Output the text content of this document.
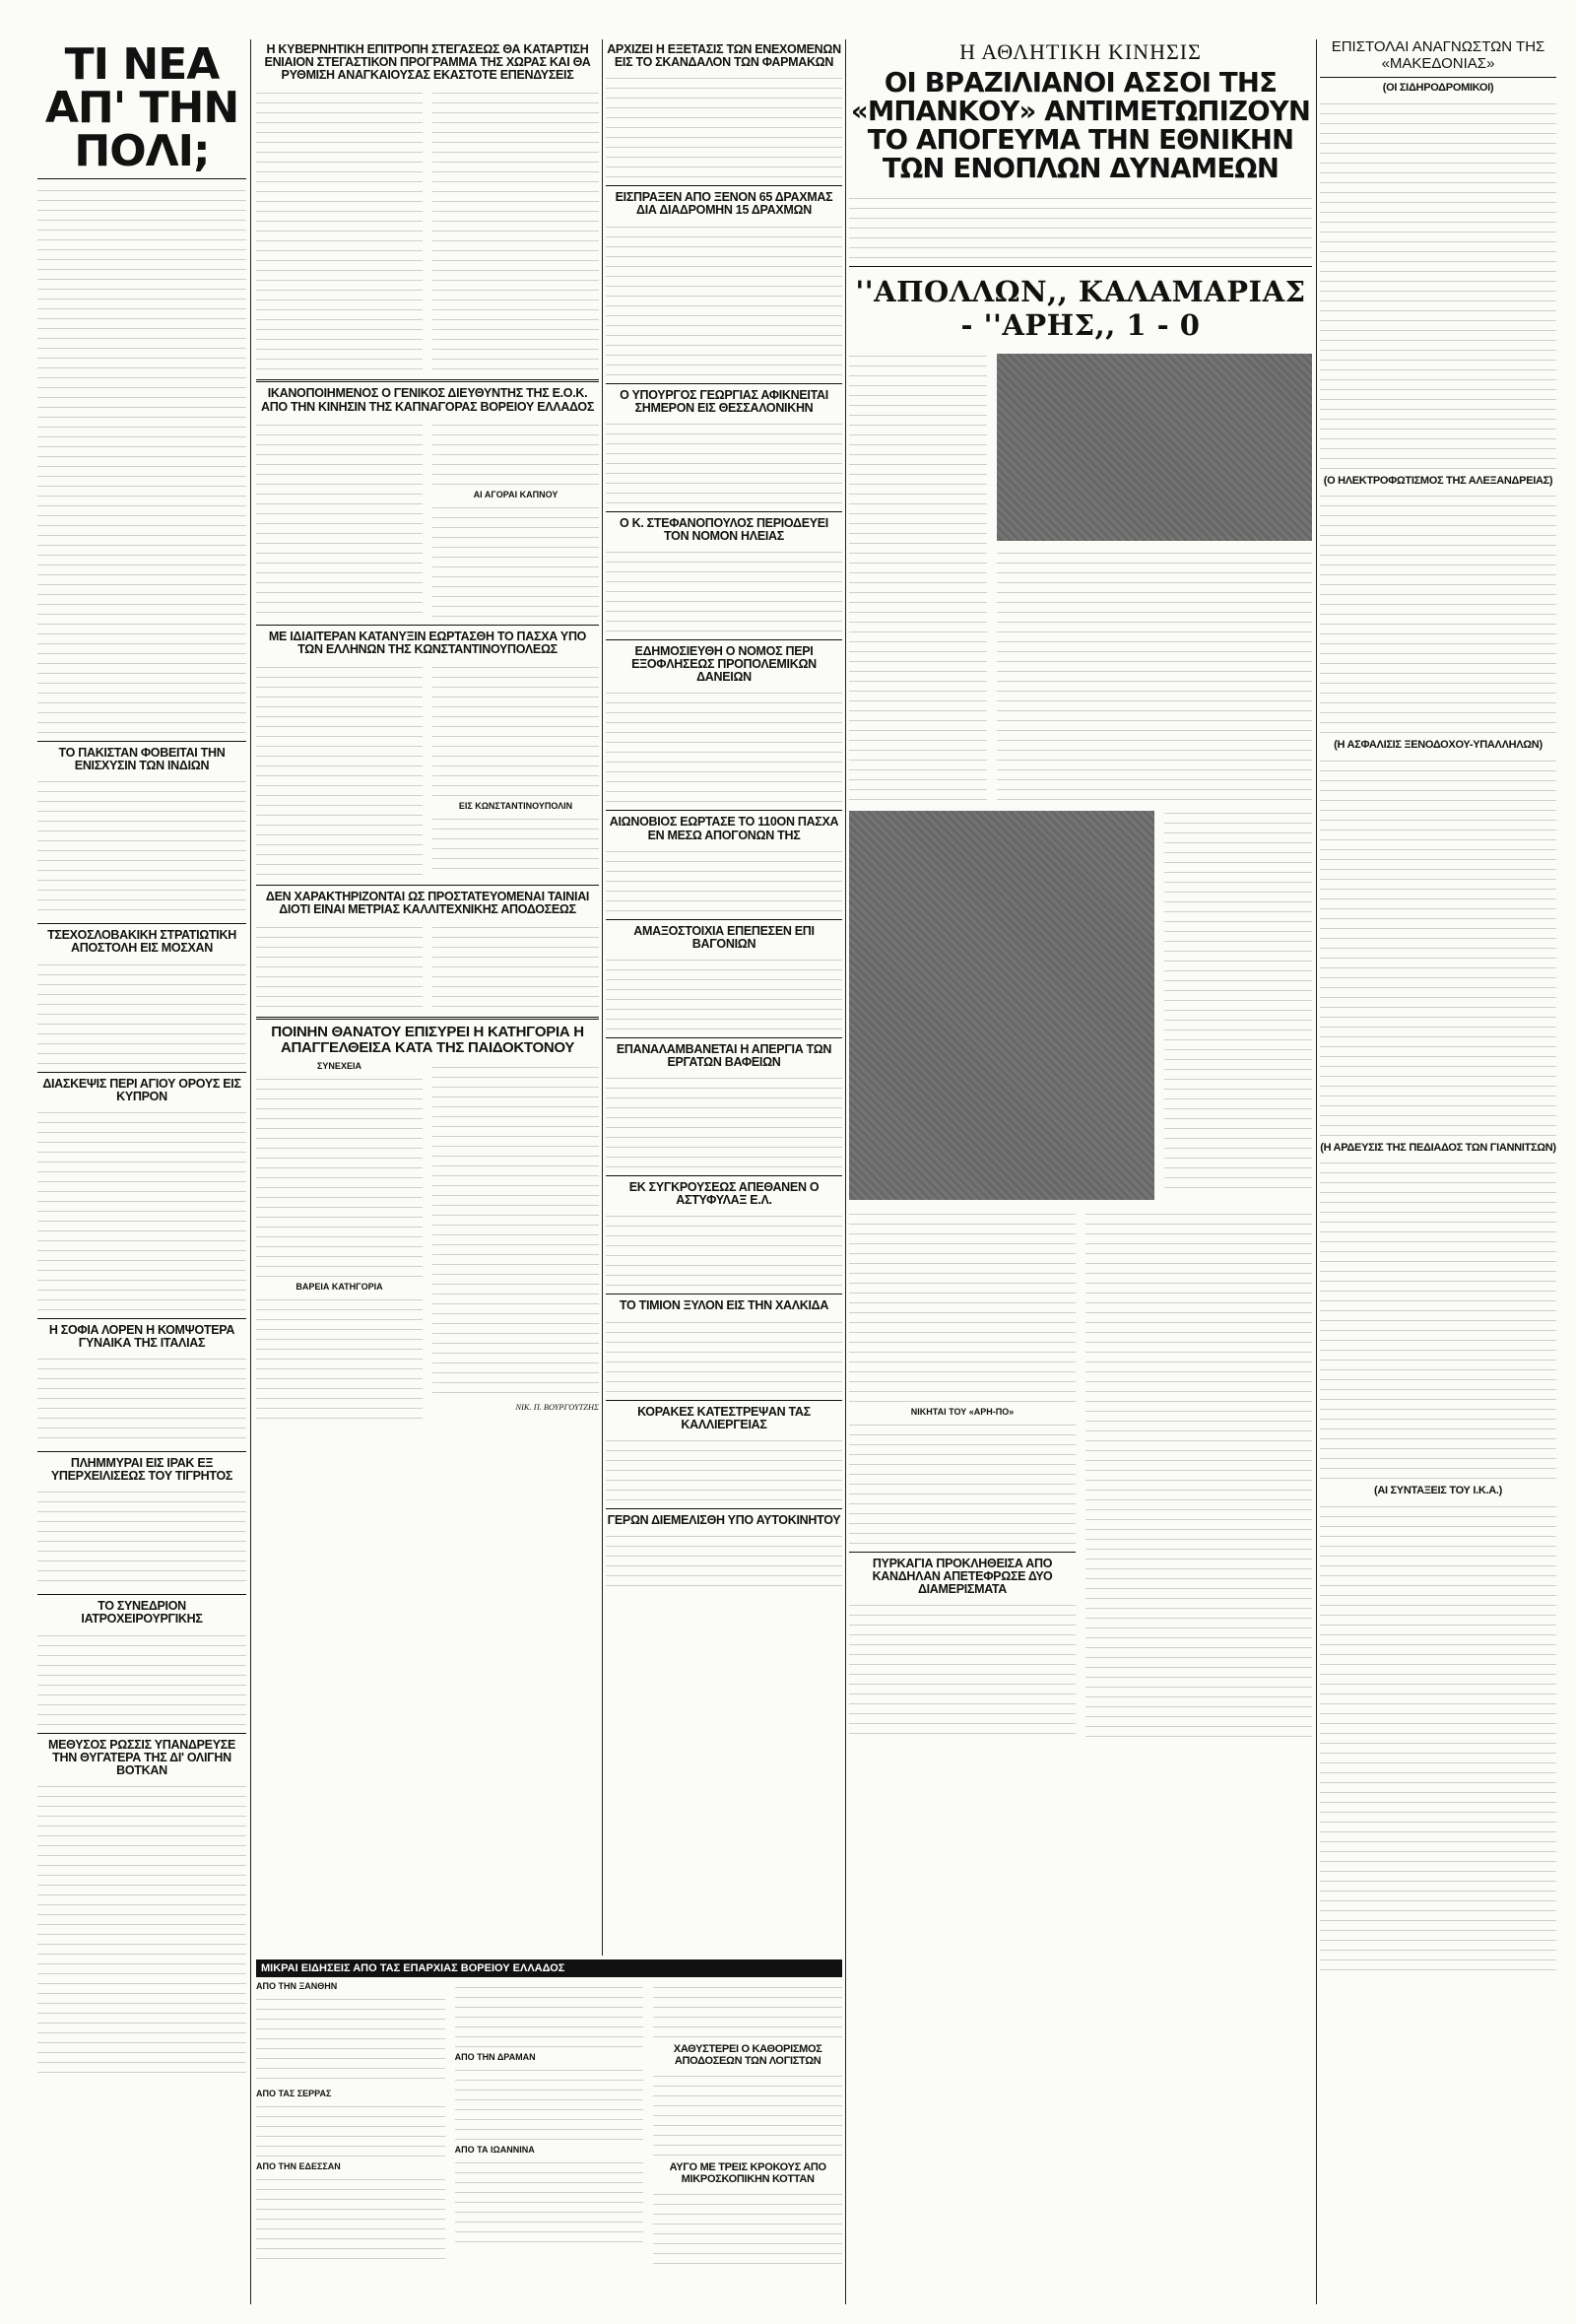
ΤΙ ΝΕΑ ΑΠ' ΤΗΝ ΠΟΛΙ;
ΤΟ ΠΑΚΙΣΤΑΝ ΦΟΒΕΙΤΑΙ ΤΗΝ ΕΝΙΣΧΥΣΙΝ ΤΩΝ ΙΝΔΙΩΝ
ΤΣΕΧΟΣΛΟΒΑΚΙΚΗ ΣΤΡΑΤΙΩΤΙΚΗ ΑΠΟΣΤΟΛΗ ΕΙΣ ΜΟΣΧΑΝ
ΔΙΑΣΚΕΨΙΣ ΠΕΡΙ ΑΓΙΟΥ ΟΡΟΥΣ ΕΙΣ ΚΥΠΡΟΝ
Η ΣΟΦΙΑ ΛΟΡΕΝ Η ΚΟΜΨΟΤΕΡΑ ΓΥΝΑΙΚΑ ΤΗΣ ΙΤΑΛΙΑΣ
ΠΛΗΜΜΥΡΑΙ ΕΙΣ ΙΡΑΚ ΕΞ ΥΠΕΡΧΕΙΛΙΣΕΩΣ ΤΟΥ ΤΙΓΡΗΤΟΣ
ΤΟ ΣΥΝΕΔΡΙΟΝ ΙΑΤΡΟΧΕΙΡΟΥΡΓΙΚΗΣ
ΜΕΘΥΣΟΣ ΡΩΣΣΙΣ ΥΠΑΝΔΡΕΥΣΕ ΤΗΝ ΘΥΓΑΤΕΡΑ ΤΗΣ ΔΙ' ΟΛΙΓΗΝ ΒΟΤΚΑΝ
Η ΚΥΒΕΡΝΗΤΙΚΗ ΕΠΙΤΡΟΠΗ ΣΤΕΓΑΣΕΩΣ ΘΑ ΚΑΤΑΡΤΙΣΗ ΕΝΙΑΙΟΝ ΣΤΕΓΑΣΤΙΚΟΝ ΠΡΟΓΡΑΜΜΑ ΤΗΣ ΧΩΡΑΣ ΚΑΙ ΘΑ ΡΥΘΜΙΣΗ ΑΝΑΓΚΑΙΟΥΣΑΣ ΕΚΑΣΤΟΤΕ ΕΠΕΝΔΥΣΕΙΣ
ΙΚΑΝΟΠΟΙΗΜΕΝΟΣ Ο ΓΕΝΙΚΟΣ ΔΙΕΥΘΥΝΤΗΣ ΤΗΣ Ε.Ο.Κ. ΑΠΟ ΤΗΝ ΚΙΝΗΣΙΝ ΤΗΣ ΚΑΠΝΑΓΟΡΑΣ ΒΟΡΕΙΟΥ ΕΛΛΑΔΟΣ
ΑΙ ΑΓΟΡΑΙ ΚΑΠΝΟΥ
ΜΕ ΙΔΙΑΙΤΕΡΑΝ ΚΑΤΑΝΥΞΙΝ ΕΩΡΤΑΣΘΗ ΤΟ ΠΑΣΧΑ ΥΠΟ ΤΩΝ ΕΛΛΗΝΩΝ ΤΗΣ ΚΩΝΣΤΑΝΤΙΝΟΥΠΟΛΕΩΣ
ΕΙΣ ΚΩΝΣΤΑΝΤΙΝΟΥΠΟΛΙΝ
ΔΕΝ ΧΑΡΑΚΤΗΡΙΖΟΝΤΑΙ ΩΣ ΠΡΟΣΤΑΤΕΥΟΜΕΝΑΙ ΤΑΙΝΙΑΙ ΔΙΟΤΙ ΕΙΝΑΙ ΜΕΤΡΙΑΣ ΚΑΛΛΙΤΕΧΝΙΚΗΣ ΑΠΟΔΟΣΕΩΣ
ΠΟΙΝΗΝ ΘΑΝΑΤΟΥ ΕΠΙΣΥΡΕΙ Η ΚΑΤΗΓΟΡΙΑ Η ΑΠΑΓΓΕΛΘΕΙΣΑ ΚΑΤΑ ΤΗΣ ΠΑΙΔΟΚΤΟΝΟΥ
ΣΥΝΕΧΕΙΑ
ΒΑΡΕΙΑ ΚΑΤΗΓΟΡΙΑ
ΝΙΚ. Π. ΒΟΥΡΓΟΥΤΖΗΣ
ΑΡΧΙΖΕΙ Η ΕΞΕΤΑΣΙΣ ΤΩΝ ΕΝΕΧΟΜΕΝΩΝ ΕΙΣ ΤΟ ΣΚΑΝΔΑΛΟΝ ΤΩΝ ΦΑΡΜΑΚΩΝ
ΕΙΣΠΡΑΞΕΝ ΑΠΟ ΞΕΝΟΝ 65 ΔΡΑΧΜΑΣ ΔΙΑ ΔΙΑΔΡΟΜΗΝ 15 ΔΡΑΧΜΩΝ
Ο ΥΠΟΥΡΓΟΣ ΓΕΩΡΓΙΑΣ ΑΦΙΚΝΕΙΤΑΙ ΣΗΜΕΡΟΝ ΕΙΣ ΘΕΣΣΑΛΟΝΙΚΗΝ
Ο Κ. ΣΤΕΦΑΝΟΠΟΥΛΟΣ ΠΕΡΙΟΔΕΥΕΙ ΤΟΝ ΝΟΜΟΝ ΗΛΕΙΑΣ
ΕΔΗΜΟΣΙΕΥΘΗ Ο ΝΟΜΟΣ ΠΕΡΙ ΕΞΟΦΛΗΣΕΩΣ ΠΡΟΠΟΛΕΜΙΚΩΝ ΔΑΝΕΙΩΝ
ΑΙΩΝΟΒΙΟΣ ΕΩΡΤΑΣΕ ΤΟ 110ΟΝ ΠΑΣΧΑ ΕΝ ΜΕΣΩ ΑΠΟΓΟΝΩΝ ΤΗΣ
ΑΜΑΞΟΣΤΟΙΧΙΑ ΕΠΕΠΕΣΕΝ ΕΠΙ ΒΑΓΟΝΙΩΝ
ΕΠΑΝΑΛΑΜΒΑΝΕΤΑΙ Η ΑΠΕΡΓΙΑ ΤΩΝ ΕΡΓΑΤΩΝ ΒΑΦΕΙΩΝ
ΕΚ ΣΥΓΚΡΟΥΣΕΩΣ ΑΠΕΘΑΝΕΝ Ο ΑΣΤΥΦΥΛΑΞ Ε.Λ.
ΤΟ ΤΙΜΙΟΝ ΞΥΛΟΝ ΕΙΣ ΤΗΝ ΧΑΛΚΙΔΑ
ΚΟΡΑΚΕΣ ΚΑΤΕΣΤΡΕΨΑΝ ΤΑΣ ΚΑΛΛΙΕΡΓΕΙΑΣ
ΓΕΡΩΝ ΔΙΕΜΕΛΙΣΘΗ ΥΠΟ ΑΥΤΟΚΙΝΗΤΟΥ
Η ΑΘΛΗΤΙΚΗ ΚΙΝΗΣΙΣ
ΟΙ ΒΡΑΖΙΛΙΑΝΟΙ ΑΣΣΟΙ ΤΗΣ «ΜΠΑΝΚΟΥ» ΑΝΤΙΜΕΤΩΠΙΖΟΥΝ ΤΟ ΑΠΟΓΕΥΜΑ ΤΗΝ ΕΘΝΙΚΗΝ ΤΩΝ ΕΝΟΠΛΩΝ ΔΥΝΑΜΕΩΝ
''ΑΠΟΛΛΩΝ,, ΚΑΛΑΜΑΡΙΑΣ - ''ΑΡΗΣ,, 1 - 0
ΝΙΚΗΤΑΙ ΤΟΥ «ΑΡΗ-ΠΟ»
ΠΥΡΚΑΓΙΑ ΠΡΟΚΛΗΘΕΙΣΑ ΑΠΟ ΚΑΝΔΗΛΑΝ ΑΠΕΤΕΦΡΩΣΕ ΔΥΟ ΔΙΑΜΕΡΙΣΜΑΤΑ
ΕΠΙΣΤΟΛΑΙ ΑΝΑΓΝΩΣΤΩΝ ΤΗΣ «ΜΑΚΕΔΟΝΙΑΣ»
(ΟΙ ΣΙΔΗΡΟΔΡΟΜΙΚΟΙ)
(Ο ΗΛΕΚΤΡΟΦΩΤΙΣΜΟΣ ΤΗΣ ΑΛΕΞΑΝΔΡΕΙΑΣ)
(Η ΑΣΦΑΛΙΣΙΣ ΞΕΝΟΔΟΧΟΥ-ΥΠΑΛΛΗΛΩΝ)
(Η ΑΡΔΕΥΣΙΣ ΤΗΣ ΠΕΔΙΑΔΟΣ ΤΩΝ ΓΙΑΝΝΙΤΣΩΝ)
(ΑΙ ΣΥΝΤΑΞΕΙΣ ΤΟΥ Ι.Κ.Α.)
ΜΙΚΡΑΙ ΕΙΔΗΣΕΙΣ ΑΠΟ ΤΑΣ ΕΠΑΡΧΙΑΣ ΒΟΡΕΙΟΥ ΕΛΛΑΔΟΣ
ΑΠΟ ΤΗΝ ΞΑΝΘΗΝ
ΑΠΟ ΤΑΣ ΣΕΡΡΑΣ
ΑΠΟ ΤΗΝ ΕΔΕΣΣΑΝ
ΑΠΟ ΤΗΝ ΔΡΑΜΑΝ
ΑΠΟ ΤΑ ΙΩΑΝΝΙΝΑ
ΧΑΘΥΣΤΕΡΕΙ Ο ΚΑΘΟΡΙΣΜΟΣ ΑΠΟΔΟΣΕΩΝ ΤΩΝ ΛΟΓΙΣΤΩΝ
ΑΥΓΟ ΜΕ ΤΡΕΙΣ ΚΡΟΚΟΥΣ ΑΠΟ ΜΙΚΡΟΣΚΟΠΙΚΗΝ ΚΟΤΤΑΝ
